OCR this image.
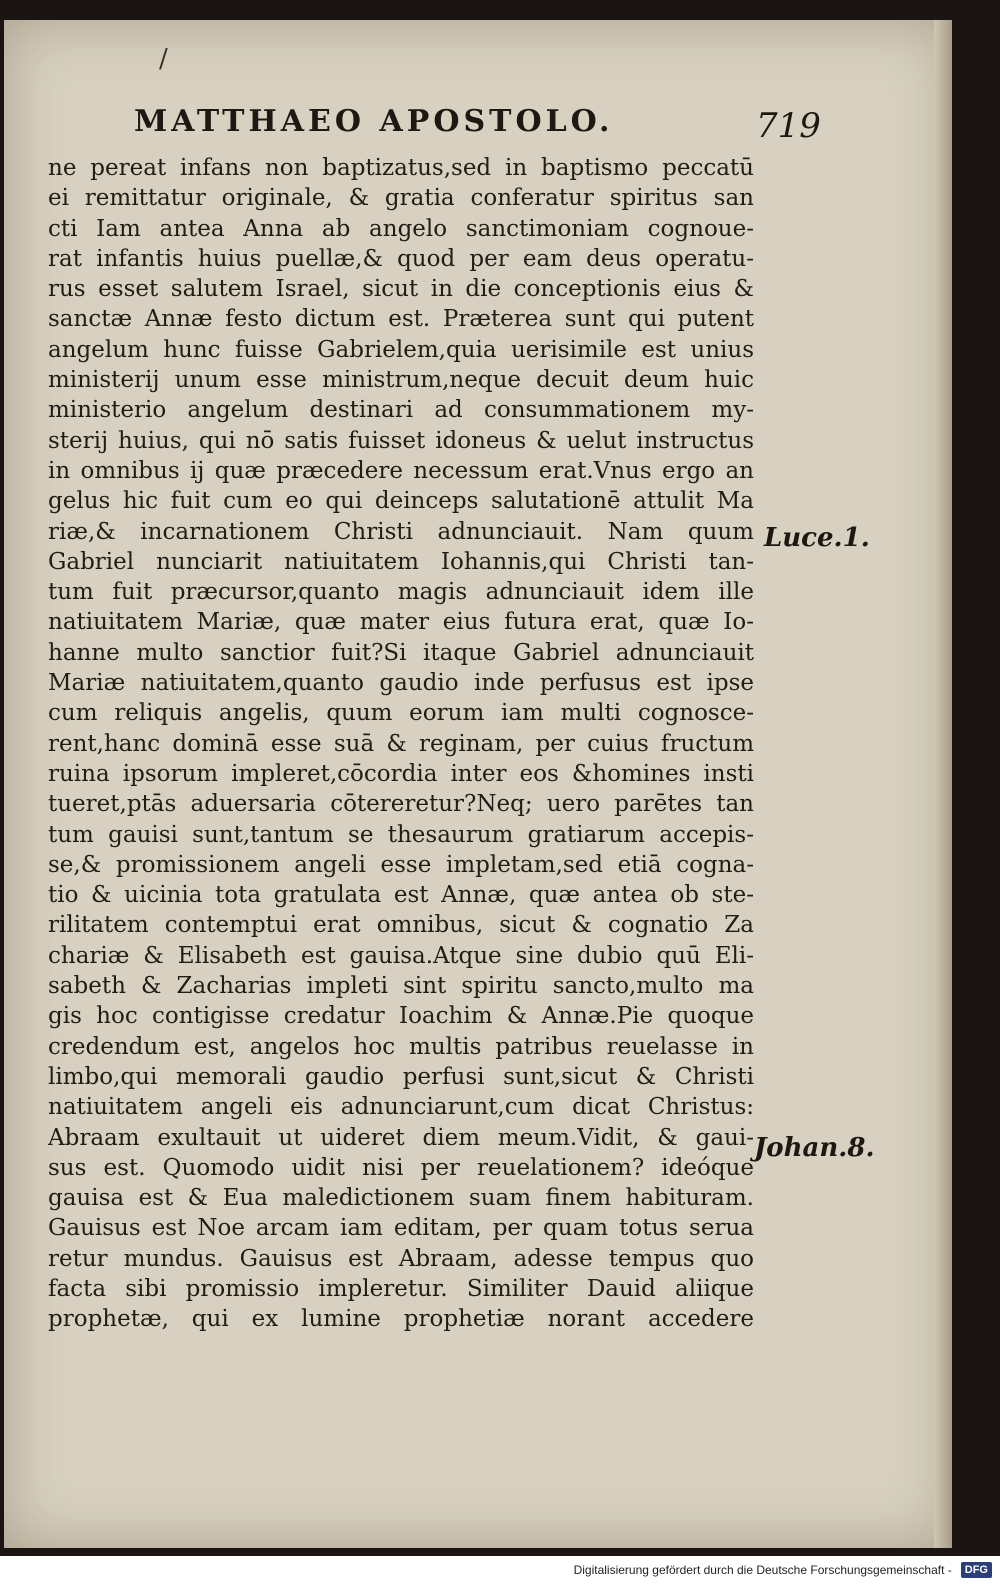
/
MATTHAEO APOSTOLO.	719
ne pereat infans non baptizatus,sed in baptismo peccatū
ei remittatur originale, & gratia conferatur spiritus san
cti Iam antea Anna ab angelo sanctimoniam cognoue-
rat infantis huius puellæ,& quod per eam deus operatu-
rus esset salutem Israel, sicut in die conceptionis eius &
sanctæ Annæ festo dictum est. Præterea sunt qui putent
angelum hunc fuisse Gabrielem,quia uerisimile est unius
ministerij unum esse ministrum,neque decuit deum huic
ministerio angelum destinari ad consummationem my-
sterij huius, qui nō satis fuisset idoneus & uelut instructus
in omnibus ij quæ præcedere necessum erat.Vnus ergo an
gelus hic fuit cum eo qui deinceps salutationē attulit Ma
riæ,& incarnationem Christi adnunciauit. Nam quum
Gabriel nunciarit natiuitatem Iohannis,qui Christi tan-
tum fuit præcursor,quanto magis adnunciauit idem ille
natiuitatem Mariæ, quæ mater eius futura erat, quæ Io-
hanne multo sanctior fuit?Si itaque Gabriel adnunciauit
Mariæ natiuitatem,quanto gaudio inde perfusus est ipse
cum reliquis angelis, quum eorum iam multi cognosce-
rent,hanc dominā esse suā & reginam, per cuius fructum
ruina ipsorum impleret,cōcordia inter eos &homines insti
tueret,ptās aduersaria cōtereretur?Neq; uero parētes tan
tum gauisi sunt,tantum se thesaurum gratiarum accepis-
se,& promissionem angeli esse impletam,sed etiā cogna-
tio & uicinia tota gratulata est Annæ, quæ antea ob ste-
rilitatem contemptui erat omnibus, sicut & cognatio Za
chariæ & Elisabeth est gauisa.Atque sine dubio quū Eli-
sabeth & Zacharias impleti sint spiritu sancto,multo ma
gis hoc contigisse credatur Ioachim & Annæ.Pie quoque
credendum est, angelos hoc multis patribus reuelasse in
limbo,qui memorali gaudio perfusi sunt,sicut & Christi
natiuitatem angeli eis adnunciarunt,cum dicat Christus:
Abraam exultauit ut uideret diem meum.Vidit, & gaui-
sus est. Quomodo uidit nisi per reuelationem? ideóque
gauisa est & Eua maledictionem suam finem habituram.
Gauisus est Noe arcam iam editam, per quam totus serua
retur mundus. Gauisus est Abraam, adesse tempus quo
facta sibi promissio impleretur. Similiter Dauid aliique
prophetæ, qui ex lumine prophetiæ norant accedere
Luce.1.
Johan.8.
Digitalisierung gefördert durch die Deutsche Forschungsgemeinschaft -	DFG
